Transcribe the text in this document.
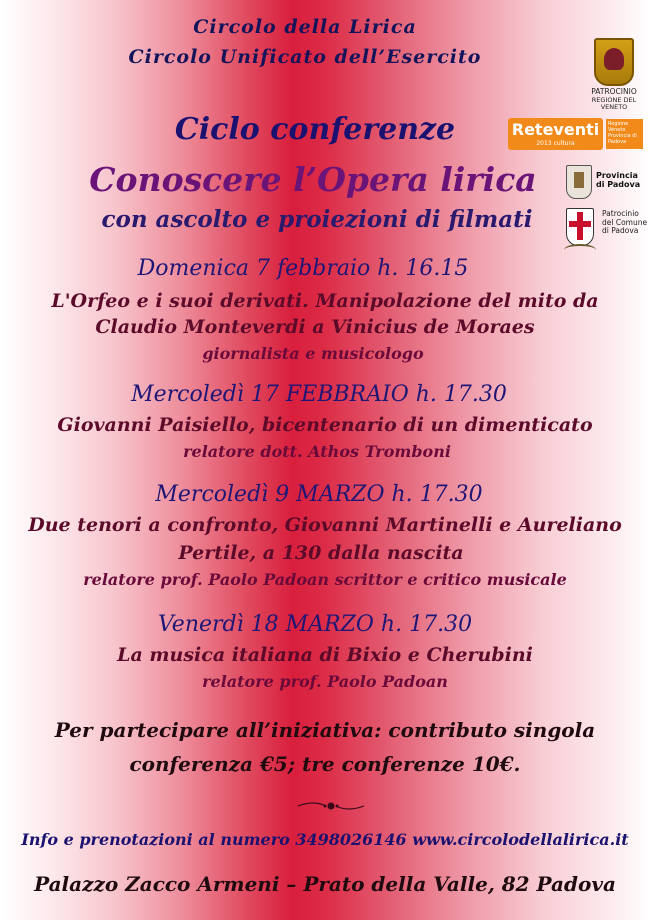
Circolo della Lirica
Circolo Unificato dell’Esercito
Ciclo conferenze
Conoscere l’Opera lirica
con ascolto e proiezioni di filmati
Domenica 7 febbraio h. 16.15
L'Orfeo e i suoi derivati. Manipolazione del mito da
Claudio Monteverdi a Vinicius de Moraes
giornalista e musicologo
Mercoledì 17 FEBBRAIO h. 17.30
Giovanni Paisiello, bicentenario di un dimenticato
relatore dott. Athos Tromboni
Mercoledì 9 MARZO h. 17.30
Due tenori a confronto, Giovanni Martinelli e Aureliano
Pertile, a 130 dalla nascita
relatore prof. Paolo Padoan scrittor e critico musicale
Venerdì 18 MARZO h. 17.30
La musica italiana di Bixio e Cherubini
relatore prof. Paolo Padoan
Per partecipare all’iniziativa: contributo singola
conferenza €5; tre conferenze 10€.
Info e prenotazioni al numero 3498026146 www.circolodellalirica.it
Palazzo Zacco Armeni – Prato della Valle, 82 Padova
PATROCINIO
REGIONE DEL VENETO
Reteventi
2013 cultura
Regione Veneto Provincia di Padova
Provincia
di Padova
Patrocinio
del Comune
di Padova
